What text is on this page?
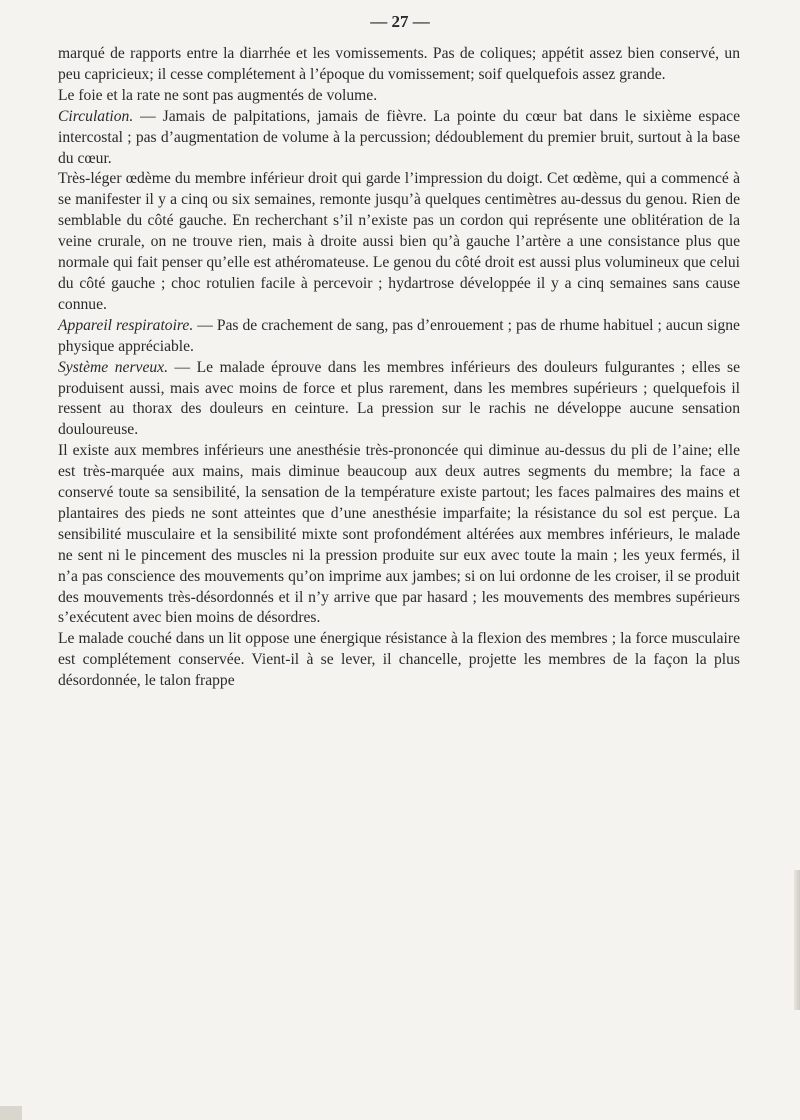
— 27 —

marqué de rapports entre la diarrhée et les vomissements. Pas de coliques; appétit assez bien conservé, un peu capricieux; il cesse complétement à l’époque du vomissement; soif quelquefois assez grande.

Le foie et la rate ne sont pas augmentés de volume.

Circulation. — Jamais de palpitations, jamais de fièvre. La pointe du cœur bat dans le sixième espace intercostal ; pas d’augmentation de volume à la percussion; dédoublement du premier bruit, surtout à la base du cœur.

Très-léger œdème du membre inférieur droit qui garde l’impression du doigt. Cet œdème, qui a commencé à se manifester il y a cinq ou six semaines, remonte jusqu’à quelques centimètres au-dessus du genou. Rien de semblable du côté gauche. En recherchant s’il n’existe pas un cordon qui représente une oblitération de la veine crurale, on ne trouve rien, mais à droite aussi bien qu’à gauche l’artère a une consistance plus que normale qui fait penser qu’elle est athéromateuse. Le genou du côté droit est aussi plus volumineux que celui du côté gauche ; choc rotulien facile à percevoir ; hydartrose développée il y a cinq semaines sans cause connue.

Appareil respiratoire. — Pas de crachement de sang, pas d’enrouement ; pas de rhume habituel ; aucun signe physique appréciable.

Système nerveux. — Le malade éprouve dans les membres inférieurs des douleurs fulgurantes ; elles se produisent aussi, mais avec moins de force et plus rarement, dans les membres supérieurs ; quelquefois il ressent au thorax des douleurs en ceinture. La pression sur le rachis ne développe aucune sensation douloureuse.

Il existe aux membres inférieurs une anesthésie très-prononcée qui diminue au-dessus du pli de l’aine; elle est très-marquée aux mains, mais diminue beaucoup aux deux autres segments du membre; la face a conservé toute sa sensibilité, la sensation de la température existe partout; les faces palmaires des mains et plantaires des pieds ne sont atteintes que d’une anesthésie imparfaite; la résistance du sol est perçue. La sensibilité musculaire et la sensibilité mixte sont profondément altérées aux membres inférieurs, le malade ne sent ni le pincement des muscles ni la pression produite sur eux avec toute la main ; les yeux fermés, il n’a pas conscience des mouvements qu’on imprime aux jambes; si on lui ordonne de les croiser, il se produit des mouvements très-désordonnés et il n’y arrive que par hasard ; les mouvements des membres supérieurs s’exécutent avec bien moins de désordres.

Le malade couché dans un lit oppose une énergique résistance à la flexion des membres ; la force musculaire est complétement conservée. Vient-il à se lever, il chancelle, projette les membres de la façon la plus désordonnée, le talon frappe
